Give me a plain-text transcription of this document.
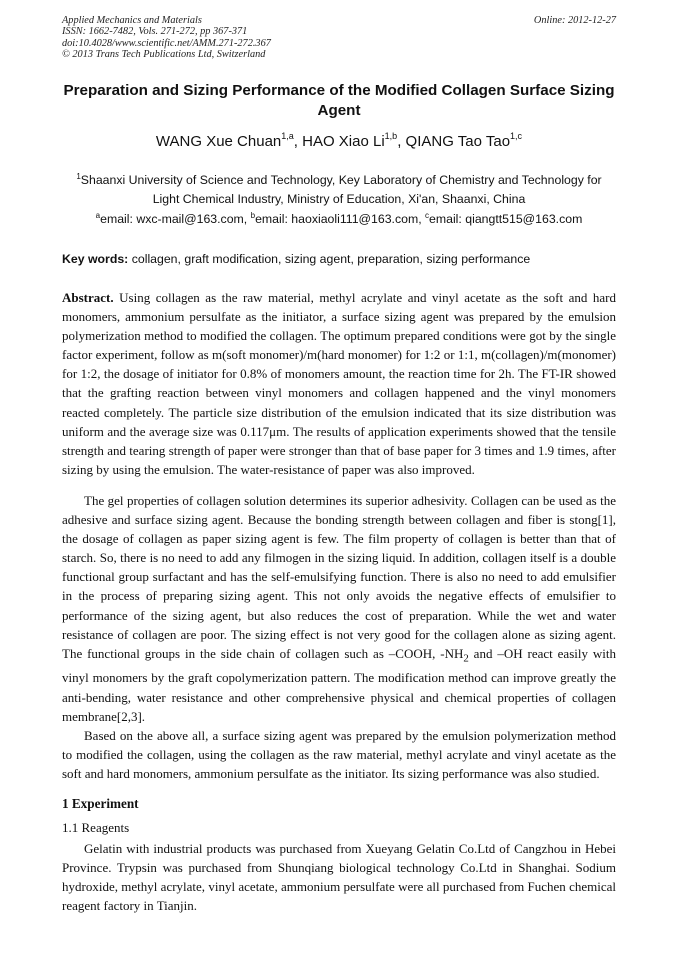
Applied Mechanics and Materials
ISSN: 1662-7482, Vols. 271-272, pp 367-371
doi:10.4028/www.scientific.net/AMM.271-272.367
© 2013 Trans Tech Publications Ltd, Switzerland
Online: 2012-12-27
Preparation and Sizing Performance of the Modified Collagen Surface Sizing Agent
WANG Xue Chuan$^{1,a}$, HAO Xiao Li$^{1,b}$, QIANG Tao Tao$^{1,c}$
$^1$Shaanxi University of Science and Technology, Key Laboratory of Chemistry and Technology for
Light Chemical Industry, Ministry of Education, Xi'an, Shaanxi, China
$^a$email: wxc-mail@163.com, $^b$email: haoxiaoli111@163.com, $^c$email: qiangtt515@163.com
Key words: collagen, graft modification, sizing agent, preparation, sizing performance

Abstract. Using collagen as the raw material, methyl acrylate and vinyl acetate as the soft and hard monomers, ammonium persulfate as the initiator, a surface sizing agent was prepared by the emulsion polymerization method to modified the collagen. The optimum prepared conditions were got by the single factor experiment, follow as m(soft monomer)/m(hard monomer) for 1:2 or 1:1, m(collagen)/m(monomer) for 1:2, the dosage of initiator for 0.8% of monomers amount, the reaction time for 2h. The FT-IR showed that the grafting reaction between vinyl monomers and collagen happened and the vinyl monomers reacted completely. The particle size distribution of the emulsion indicated that its size distribution was uniform and the average size was 0.117μm. The results of application experiments showed that the tensile strength and tearing strength of paper were stronger than that of base paper for 3 times and 1.9 times, after sizing by using the emulsion. The water-resistance of paper was also improved.

The gel properties of collagen solution determines its superior adhesivity. Collagen can be used as the adhesive and surface sizing agent. Because the bonding strength between collagen and fiber is stong[1], the dosage of collagen as paper sizing agent is few. The film property of collagen is better than that of starch. So, there is no need to add any filmogen in the sizing liquid. In addition, collagen itself is a double functional group surfactant and has the self-emulsifying function. There is also no need to add emulsifier in the process of preparing sizing agent. This not only avoids the negative effects of emulsifier to performance of the sizing agent, but also reduces the cost of preparation. While the wet and water resistance of collagen are poor. The sizing effect is not very good for the collagen alone as sizing agent. The functional groups in the side chain of collagen such as –COOH, $-NH_2$ and –OH react easily with vinyl monomers by the graft copolymerization pattern. The modification method can improve greatly the anti-bending, water resistance and other comprehensive physical and chemical properties of collagen membrane[2,3].

Based on the above all, a surface sizing agent was prepared by the emulsion polymerization method to modified the collagen, using the collagen as the raw material, methyl acrylate and vinyl acetate as the soft and hard monomers, ammonium persulfate as the initiator. Its sizing performance was also studied.

1 Experiment
1.1 Reagents

Gelatin with industrial products was purchased from Xueyang Gelatin Co.Ltd of Cangzhou in Hebei Province. Trypsin was purchased from Shunqiang biological technology Co.Ltd in Shanghai. Sodium hydroxide, methyl acrylate, vinyl acetate, ammonium persulfate were all purchased from Fuchen chemical reagent factory in Tianjin.
